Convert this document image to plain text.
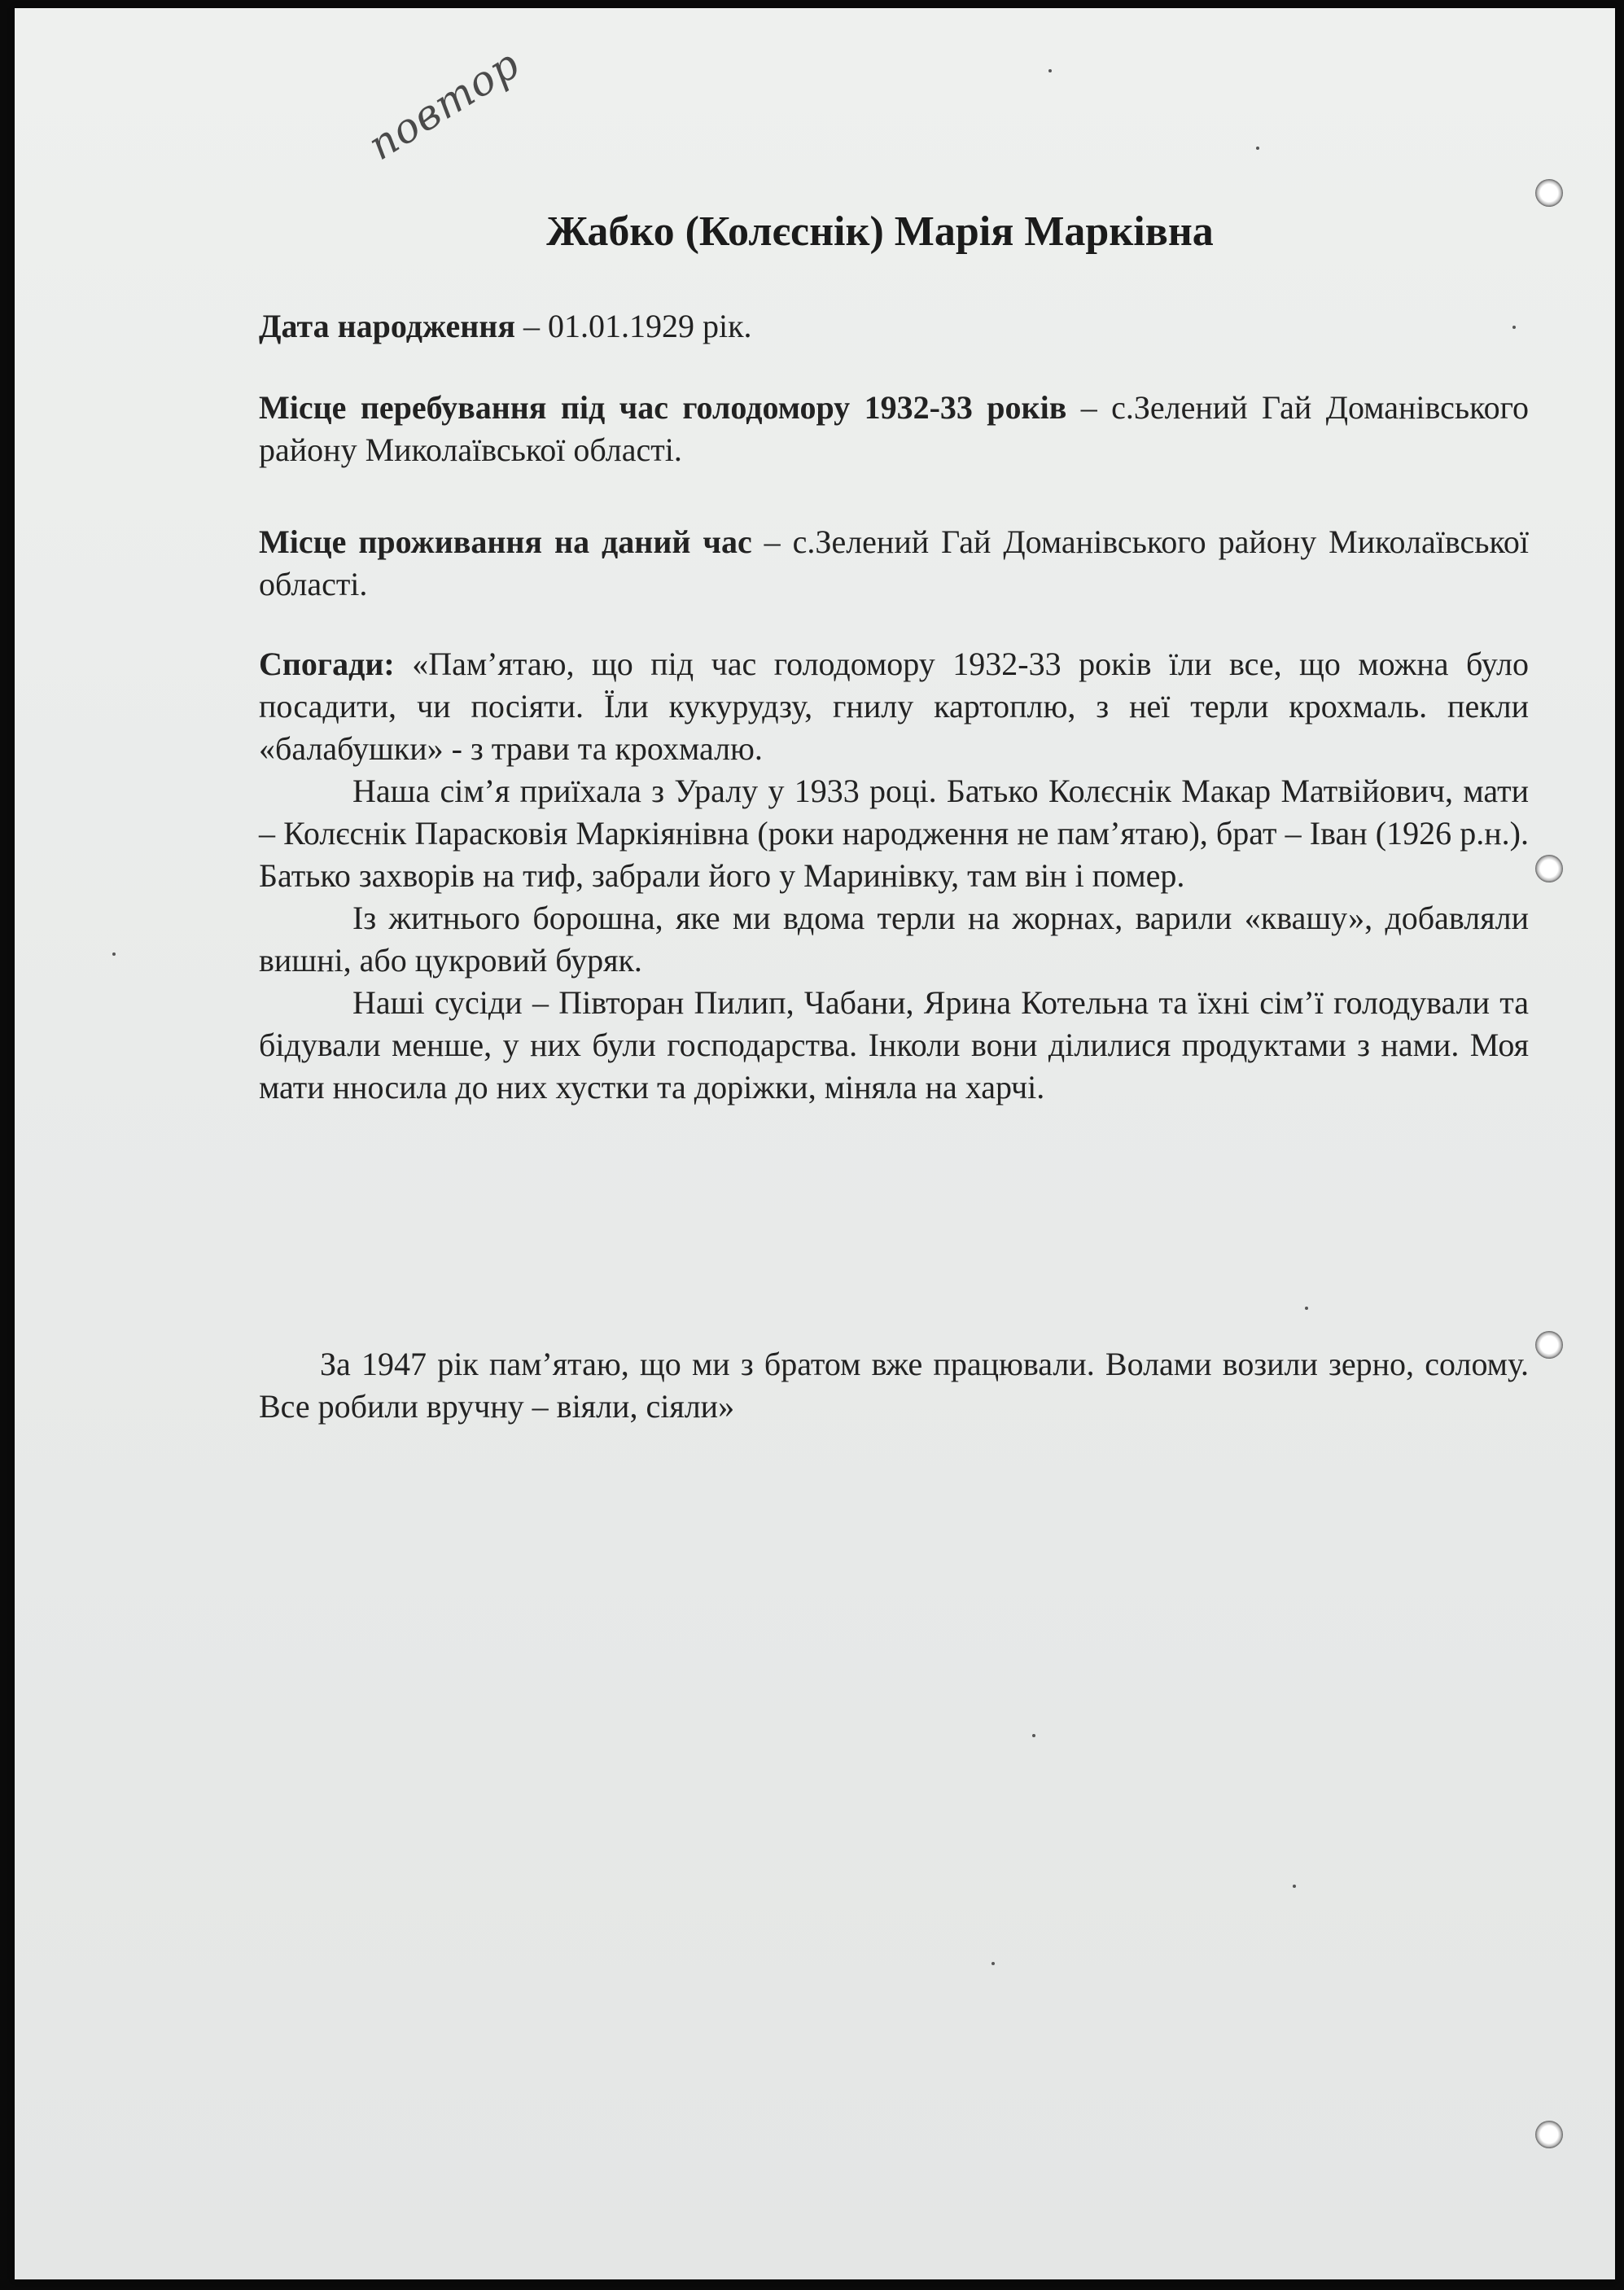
повтор
Жабко (Колєснік) Марія Марківна
Дата народження – 01.01.1929 рік.
Місце перебування під час голодомору 1932-33 років – с.Зелений Гай Доманівського району Миколаївської області.
Місце проживання на даний час – с.Зелений Гай Доманівського району Миколаївської області.

Спогади: «Пам’ятаю, що під час голодомору 1932-33 років їли все, що можна було посадити, чи посіяти. Їли кукурудзу, гнилу картоплю, з неї терли крохмаль. пекли «балабушки» - з трави та крохмалю.

Наша сім’я приїхала з Уралу у 1933 році. Батько Колєснік Макар Матвійович, мати – Колєснік Парасковія Маркіянівна (роки народження не пам’ятаю), брат – Іван (1926 р.н.). Батько захворів на тиф, забрали його у Маринівку, там він і помер.

Із житнього борошна, яке ми вдома терли на жорнах, варили «квашу», добавляли вишні, або цукровий буряк.

Наші сусіди – Півторан Пилип, Чабани, Ярина Котельна та їхні сім’ї голодували та бідували менше, у них були господарства. Інколи вони ділилися продуктами з нами. Моя мати нносила до них хустки та доріжки, міняла на харчі.

За 1947 рік пам’ятаю, що ми з братом вже працювали. Волами возили зерно, солому. Все робили вручну – віяли, сіяли»
